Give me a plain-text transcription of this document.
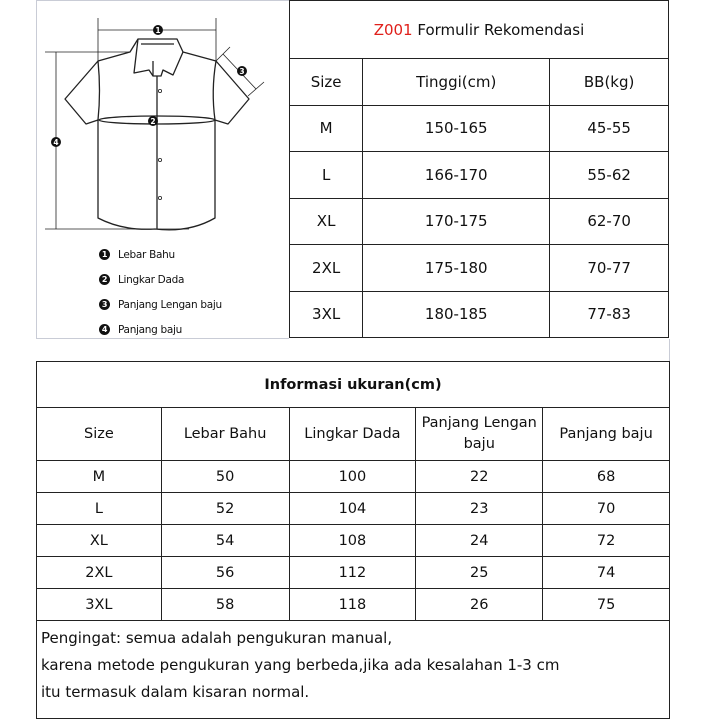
1
2
3
4
1 Lebar Bahu
2 Lingkar Dada
3 Panjang Lengan baju
4 Panjang baju
Z001 Formulir Rekomendasi		
Size	Tinggi(cm)	BB(kg)
M	150-165	45-55
L	166-170	55-62
XL	170-175	62-70
2XL	175-180	70-77
3XL	180-185	77-83
Informasi ukuran(cm)				
Size	Lebar Bahu	Lingkar Dada	Panjang Lengan baju	Panjang baju
M	50	100	22	68
L	52	104	23	70
XL	54	108	24	72
2XL	56	112	25	74
3XL	58	118	26	75

Pengingat: semua adalah pengukuran manual,
karena metode pengukuran yang berbeda,jika ada kesalahan 1-3 cm
itu termasuk dalam kisaran normal.				
